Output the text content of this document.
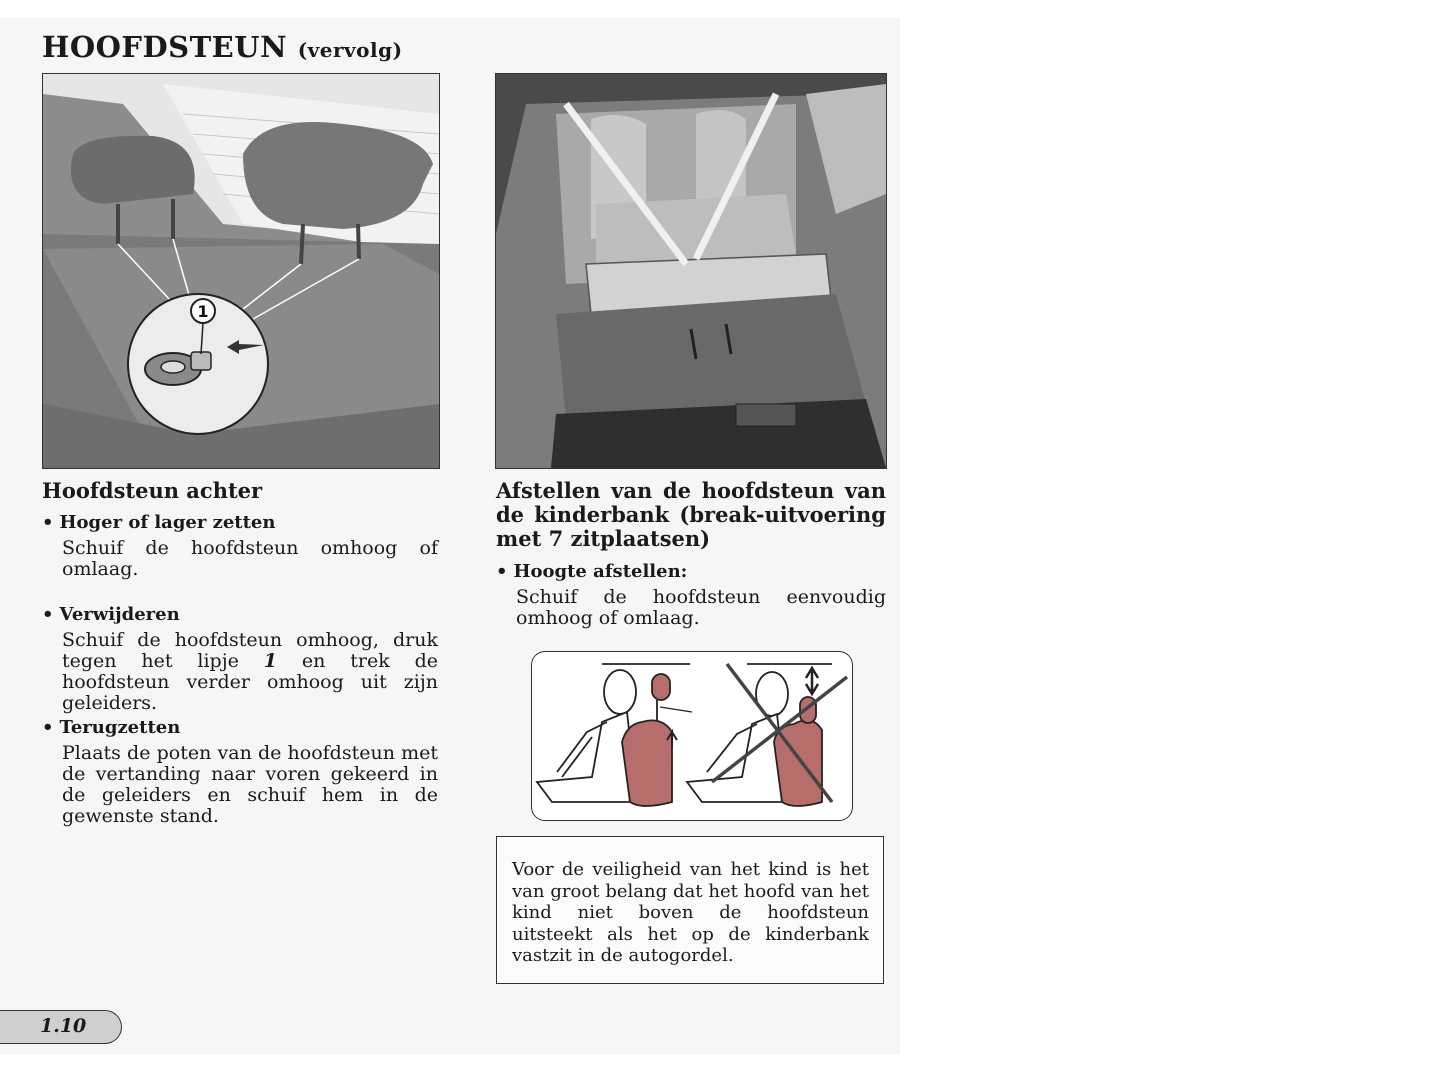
HOOFDSTEUN (vervolg)
1
Hoofdsteun achter
• Hoger of lager zetten
Schuif de hoofdsteun omhoog of omlaag.
• Verwijderen
Schuif de hoofdsteun omhoog, druk tegen het lipje 1 en trek de hoofdsteun verder omhoog uit zijn geleiders.
• Terugzetten
Plaats de poten van de hoofdsteun met de vertanding naar voren gekeerd in de geleiders en schuif hem in de gewenste stand.
Afstellen van de hoofdsteun van de kinderbank (break-uitvoering met 7 zitplaatsen)
• Hoogte afstellen:
Schuif de hoofdsteun eenvoudig omhoog of omlaag.
Voor de veiligheid van het kind is het van groot belang dat het hoofd van het kind niet boven de hoofdsteun uitsteekt als het op de kinderbank vastzit in de autogordel.
1.10
